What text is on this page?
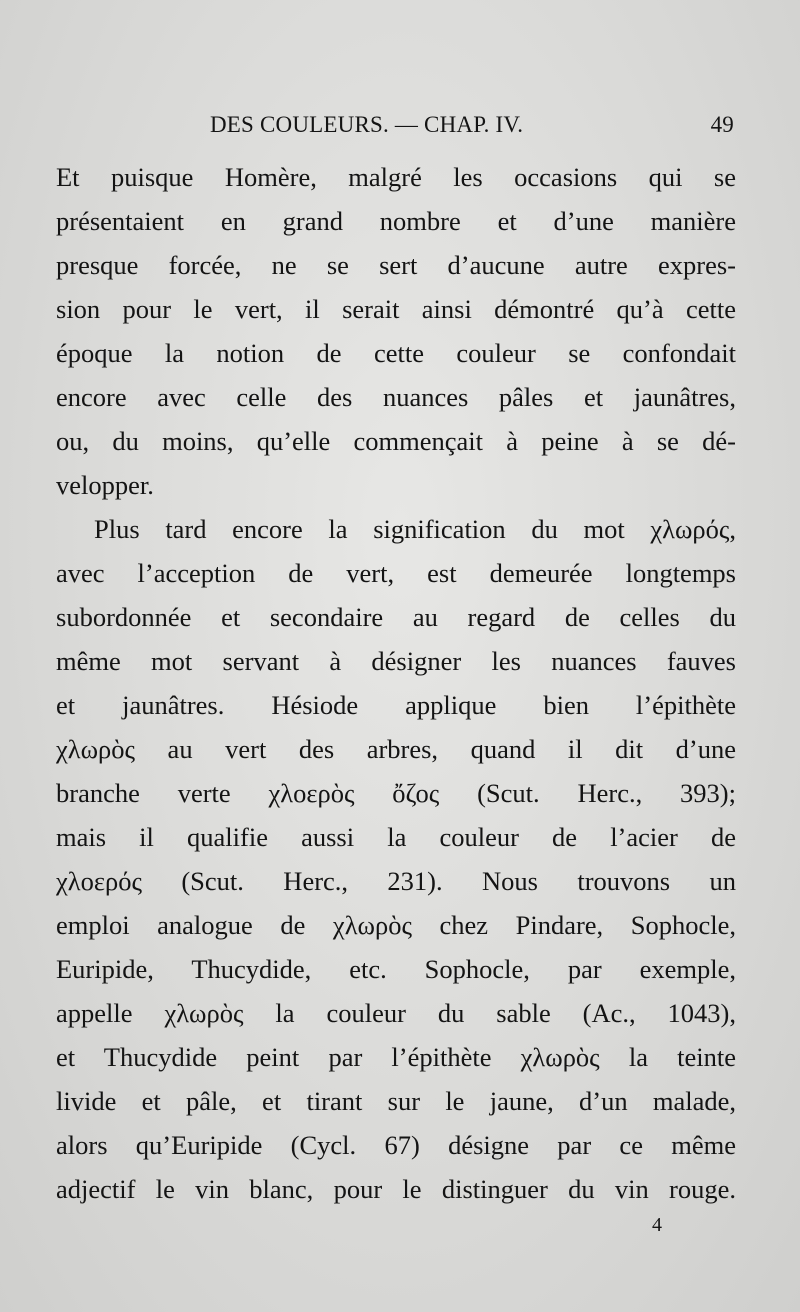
DES COULEURS. — CHAP. IV.	49
Et puisque Homère, malgré les occasions qui se
présentaient en grand nombre et d’une manière
presque forcée, ne se sert d’aucune autre expres-
sion pour le vert, il serait ainsi démontré qu’à cette
époque la notion de cette couleur se confondait
encore avec celle des nuances pâles et jaunâtres,
ou, du moins, qu’elle commençait à peine à se dé-
velopper.
Plus tard encore la signification du mot χλωρός,
avec l’acception de vert, est demeurée longtemps
subordonnée et secondaire au regard de celles du
même mot servant à désigner les nuances fauves
et jaunâtres. Hésiode applique bien l’épithète
χλωρὸς au vert des arbres, quand il dit d’une
branche verte χλοερὸς ὄζος (Scut. Herc., 393);
mais il qualifie aussi la couleur de l’acier de
χλοερός (Scut. Herc., 231). Nous trouvons un
emploi analogue de χλωρὸς chez Pindare, Sophocle,
Euripide, Thucydide, etc. Sophocle, par exemple,
appelle χλωρὸς la couleur du sable (Ac., 1043),
et Thucydide peint par l’épithète χλωρὸς la teinte
livide et pâle, et tirant sur le jaune, d’un malade,
alors qu’Euripide (Cycl. 67) désigne par ce même
adjectif le vin blanc, pour le distinguer du vin rouge.
4
